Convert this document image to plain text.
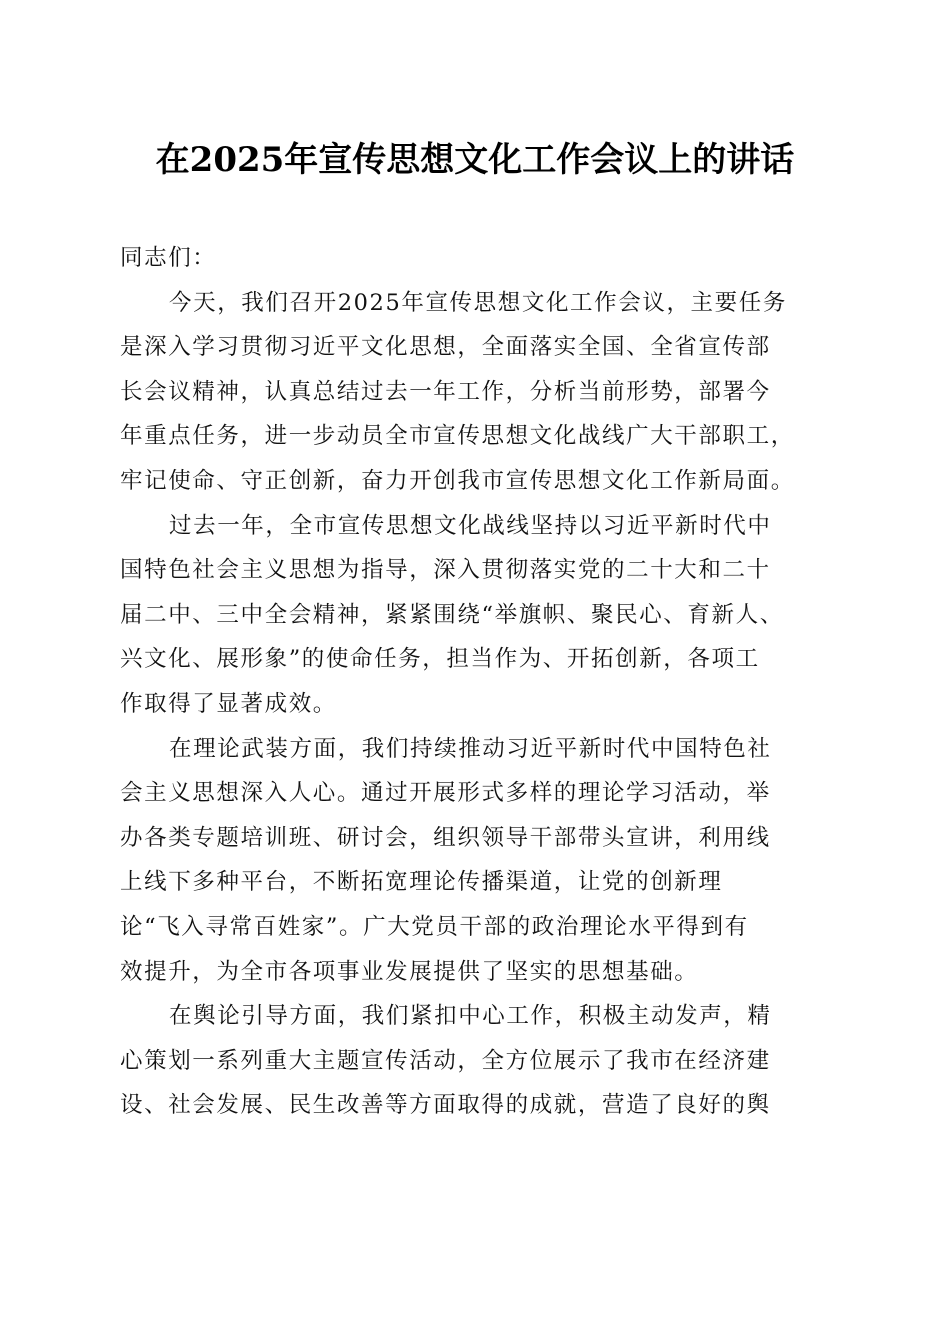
在2025年宣传思想文化工作会议上的讲话
同志们：
今天，我们召开2025年宣传思想文化工作会议，主要任务
是深入学习贯彻习近平文化思想，全面落实全国、全省宣传部
长会议精神，认真总结过去一年工作，分析当前形势，部署今
年重点任务，进一步动员全市宣传思想文化战线广大干部职工，
牢记使命、守正创新，奋力开创我市宣传思想文化工作新局面。
过去一年，全市宣传思想文化战线坚持以习近平新时代中
国特色社会主义思想为指导，深入贯彻落实党的二十大和二十
届二中、三中全会精神，紧紧围绕“举旗帜、聚民心、育新人、
兴文化、展形象”的使命任务，担当作为、开拓创新，各项工
作取得了显著成效。
在理论武装方面，我们持续推动习近平新时代中国特色社
会主义思想深入人心。通过开展形式多样的理论学习活动，举
办各类专题培训班、研讨会，组织领导干部带头宣讲，利用线
上线下多种平台，不断拓宽理论传播渠道，让党的创新理
论“飞入寻常百姓家”。广大党员干部的政治理论水平得到有
效提升，为全市各项事业发展提供了坚实的思想基础。
在舆论引导方面，我们紧扣中心工作，积极主动发声，精
心策划一系列重大主题宣传活动，全方位展示了我市在经济建
设、社会发展、民生改善等方面取得的成就，营造了良好的舆
